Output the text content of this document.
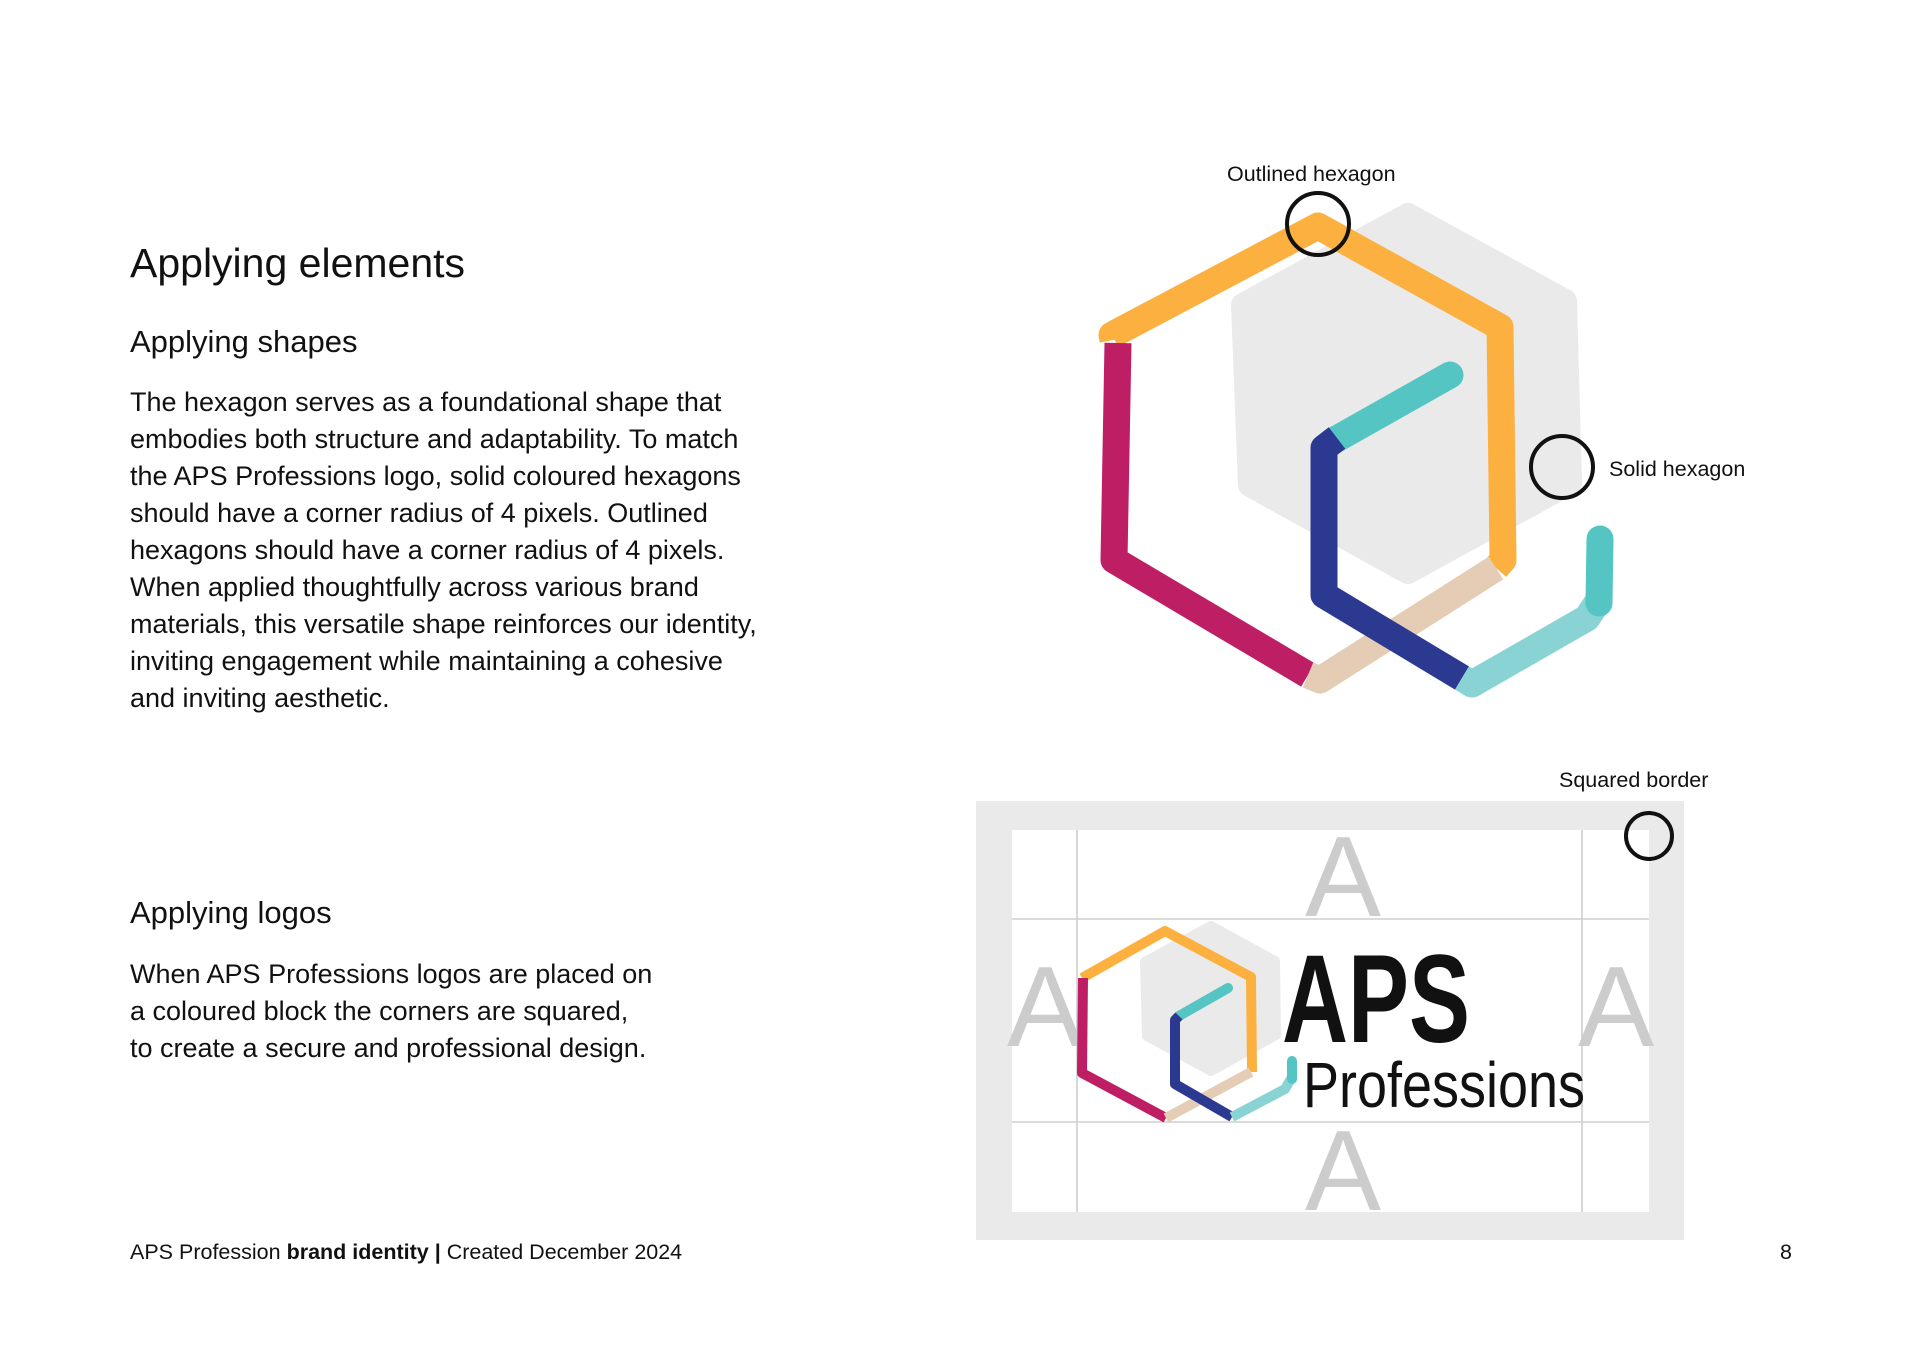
Applying elements
Applying shapes

The hexagon serves as a foundational shape that
embodies both structure and adaptability. To match
the APS Professions logo, solid coloured hexagons
should have a corner radius of 4 pixels. Outlined
hexagons should have a corner radius of 4 pixels.
When applied thoughtfully across various brand
materials, this versatile shape reinforces our identity,
inviting engagement while maintaining a cohesive
and inviting aesthetic.

Applying logos

When APS Professions logos are placed on
a coloured block the corners are squared,
to create a secure and professional design.

Outlined hexagon
Solid hexagon
Squared border
A
A
A	A
APS
Professions
APS Profession brand identity | Created December 2024	8
